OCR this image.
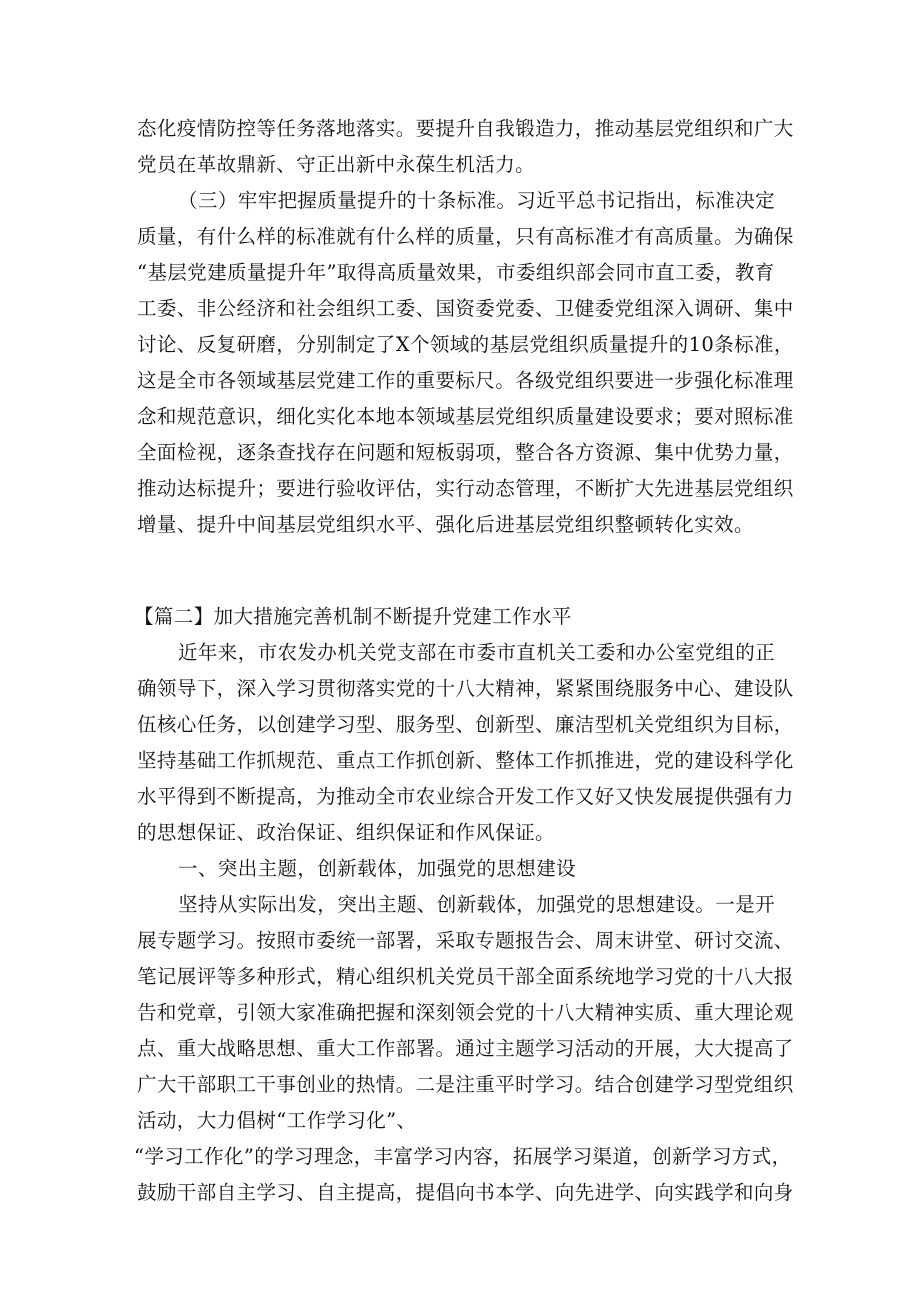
态化疫情防控等任务落地落实。要提升自我锻造力，推动基层党组织和广大
党员在革故鼎新、守正出新中永葆生机活力。
（三）牢牢把握质量提升的十条标准。习近平总书记指出，标准决定
质量，有什么样的标准就有什么样的质量，只有高标准才有高质量。为确保
“基层党建质量提升年”取得高质量效果，市委组织部会同市直工委，教育
工委、非公经济和社会组织工委、国资委党委、卫健委党组深入调研、集中
讨论、反复研磨，分别制定了X个领域的基层党组织质量提升的10条标准，
这是全市各领域基层党建工作的重要标尺。各级党组织要进一步强化标准理
念和规范意识，细化实化本地本领域基层党组织质量建设要求；要对照标准
全面检视，逐条查找存在问题和短板弱项，整合各方资源、集中优势力量，
推动达标提升；要进行验收评估，实行动态管理，不断扩大先进基层党组织
增量、提升中间基层党组织水平、强化后进基层党组织整顿转化实效。
【篇二】加大措施完善机制不断提升党建工作水平
近年来，市农发办机关党支部在市委市直机关工委和办公室党组的正
确领导下，深入学习贯彻落实党的十八大精神，紧紧围绕服务中心、建设队
伍核心任务，以创建学习型、服务型、创新型、廉洁型机关党组织为目标，
坚持基础工作抓规范、重点工作抓创新、整体工作抓推进，党的建设科学化
水平得到不断提高，为推动全市农业综合开发工作又好又快发展提供强有力
的思想保证、政治保证、组织保证和作风保证。
一、突出主题，创新载体，加强党的思想建设
坚持从实际出发，突出主题、创新载体，加强党的思想建设。一是开
展专题学习。按照市委统一部署，采取专题报告会、周末讲堂、研讨交流、
笔记展评等多种形式，精心组织机关党员干部全面系统地学习党的十八大报
告和党章，引领大家准确把握和深刻领会党的十八大精神实质、重大理论观
点、重大战略思想、重大工作部署。通过主题学习活动的开展，大大提高了
广大干部职工干事创业的热情。二是注重平时学习。结合创建学习型党组织
活动，大力倡树“工作学习化”、
“学习工作化”的学习理念，丰富学习内容，拓展学习渠道，创新学习方式，
鼓励干部自主学习、自主提高，提倡向书本学、向先进学、向实践学和向身
